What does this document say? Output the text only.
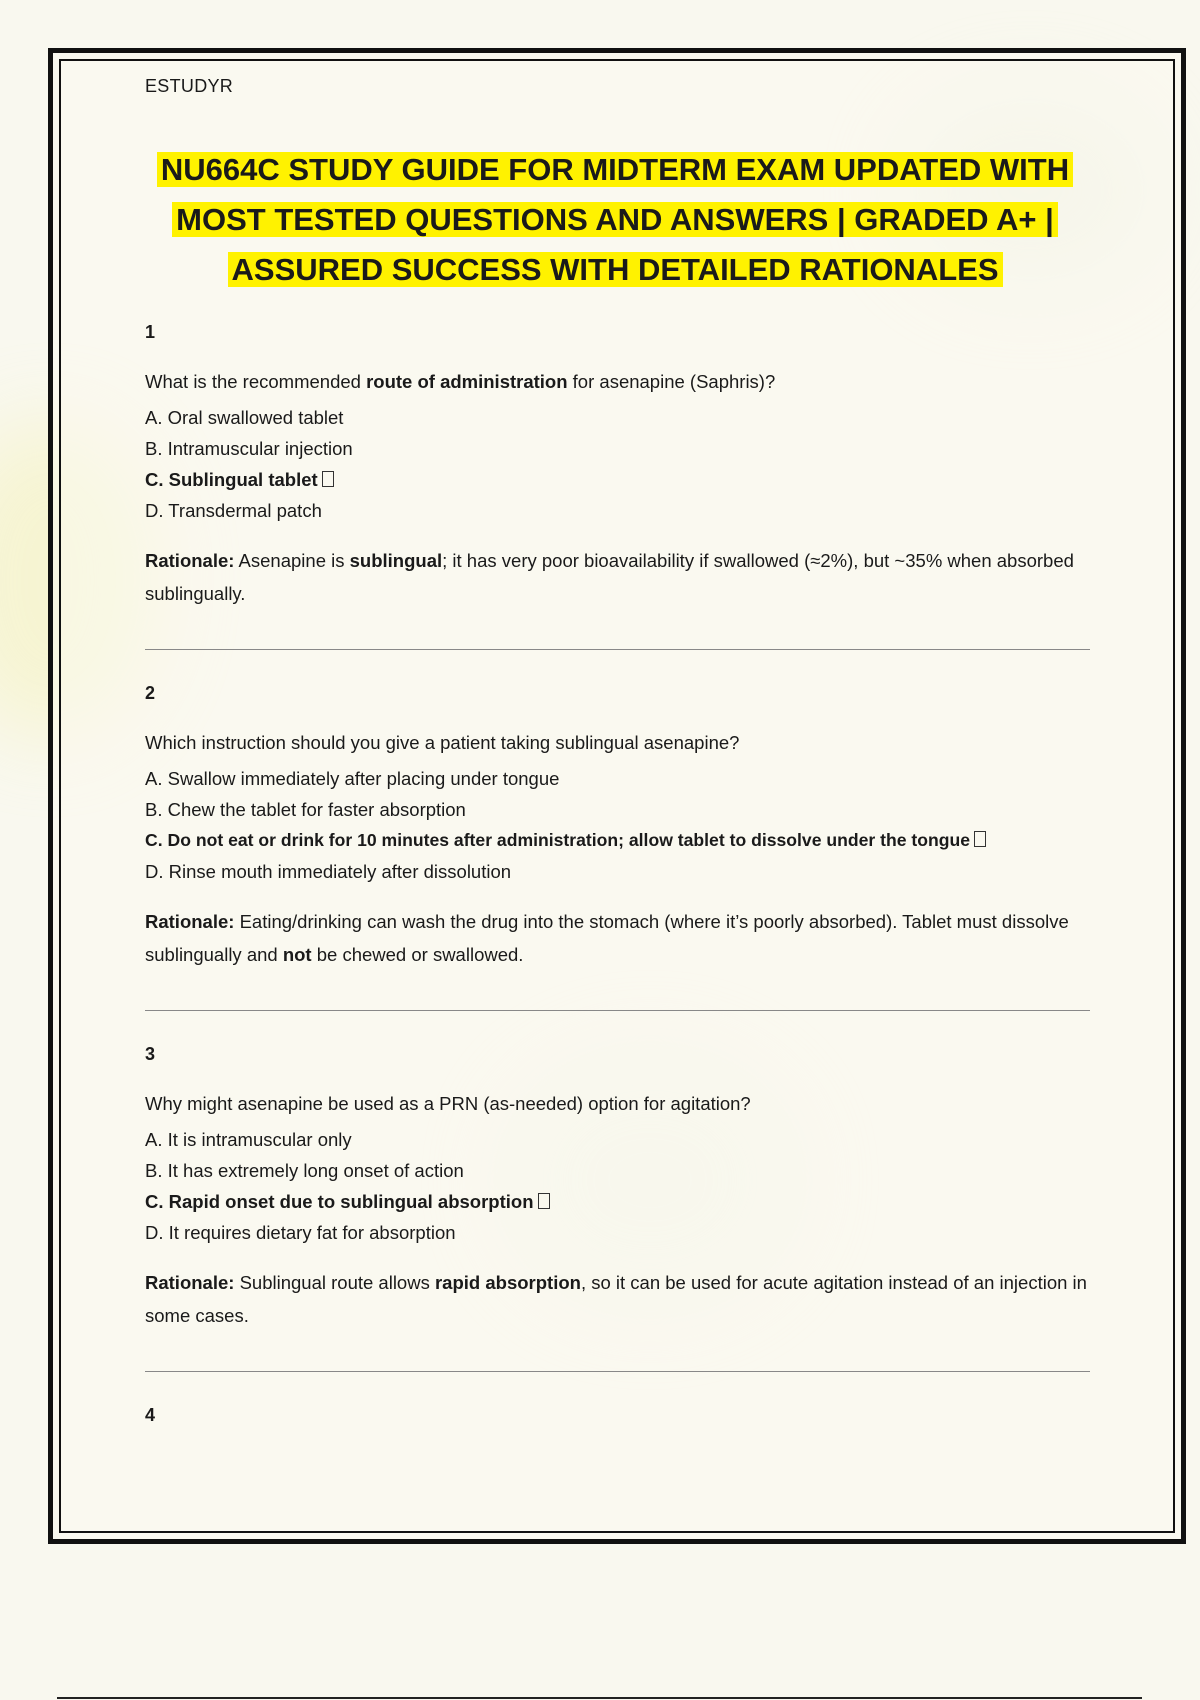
ESTUDYR
NU664C STUDY GUIDE FOR MIDTERM EXAM UPDATED WITH
MOST TESTED QUESTIONS AND ANSWERS | GRADED A+ |
ASSURED SUCCESS WITH DETAILED RATIONALES
1
What is the recommended route of administration for asenapine (Saphris)?
A. Oral swallowed tablet
B. Intramuscular injection
C. Sublingual tablet
D. Transdermal patch
Rationale: Asenapine is sublingual; it has very poor bioavailability if swallowed (≈2%), but ~35% when absorbed sublingually.
2
Which instruction should you give a patient taking sublingual asenapine?
A. Swallow immediately after placing under tongue
B. Chew the tablet for faster absorption
C. Do not eat or drink for 10 minutes after administration; allow tablet to dissolve under the tongue
D. Rinse mouth immediately after dissolution
Rationale: Eating/drinking can wash the drug into the stomach (where it’s poorly absorbed). Tablet must dissolve sublingually and not be chewed or swallowed.
3
Why might asenapine be used as a PRN (as-needed) option for agitation?
A. It is intramuscular only
B. It has extremely long onset of action
C. Rapid onset due to sublingual absorption
D. It requires dietary fat for absorption
Rationale: Sublingual route allows rapid absorption, so it can be used for acute agitation instead of an injection in some cases.
4
